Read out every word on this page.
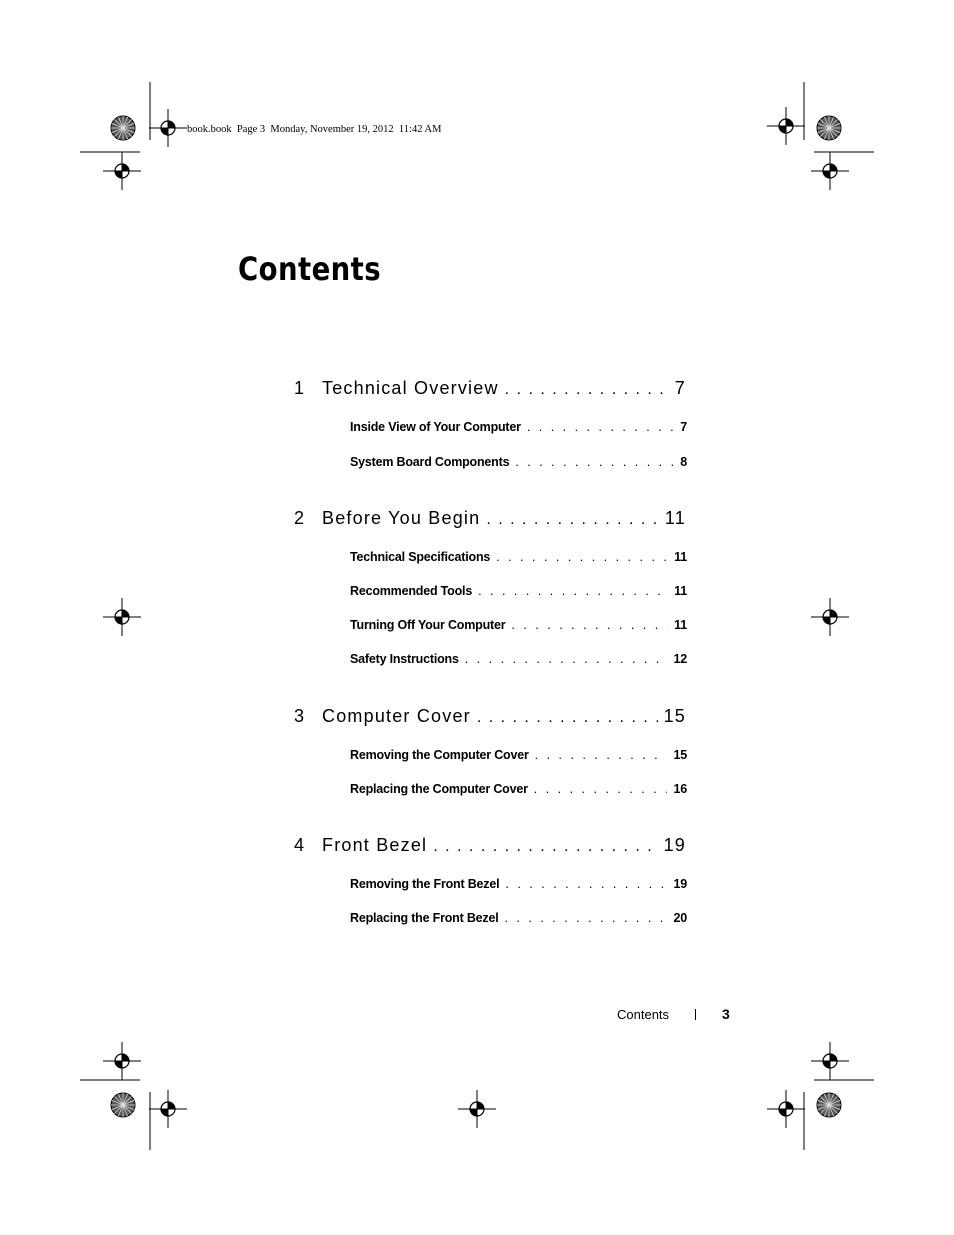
book.book  Page 3  Monday, November 19, 2012  11:42 AM
Contents
1 Technical Overview . . .	7
Inside View of Your Computer . . .	7
System Board Components . . .	8
2 Before You Begin . . .	11
Technical Specifications . . .	11
Recommended Tools . . .	11
Turning Off Your Computer . . .	11
Safety Instructions . . .	12
3 Computer Cover . . .	15
Removing the Computer Cover . . .	15
Replacing the Computer Cover . . .	16
4 Front Bezel . . .	19
Removing the Front Bezel . . .	19
Replacing the Front Bezel . . .	20
Contents	3
